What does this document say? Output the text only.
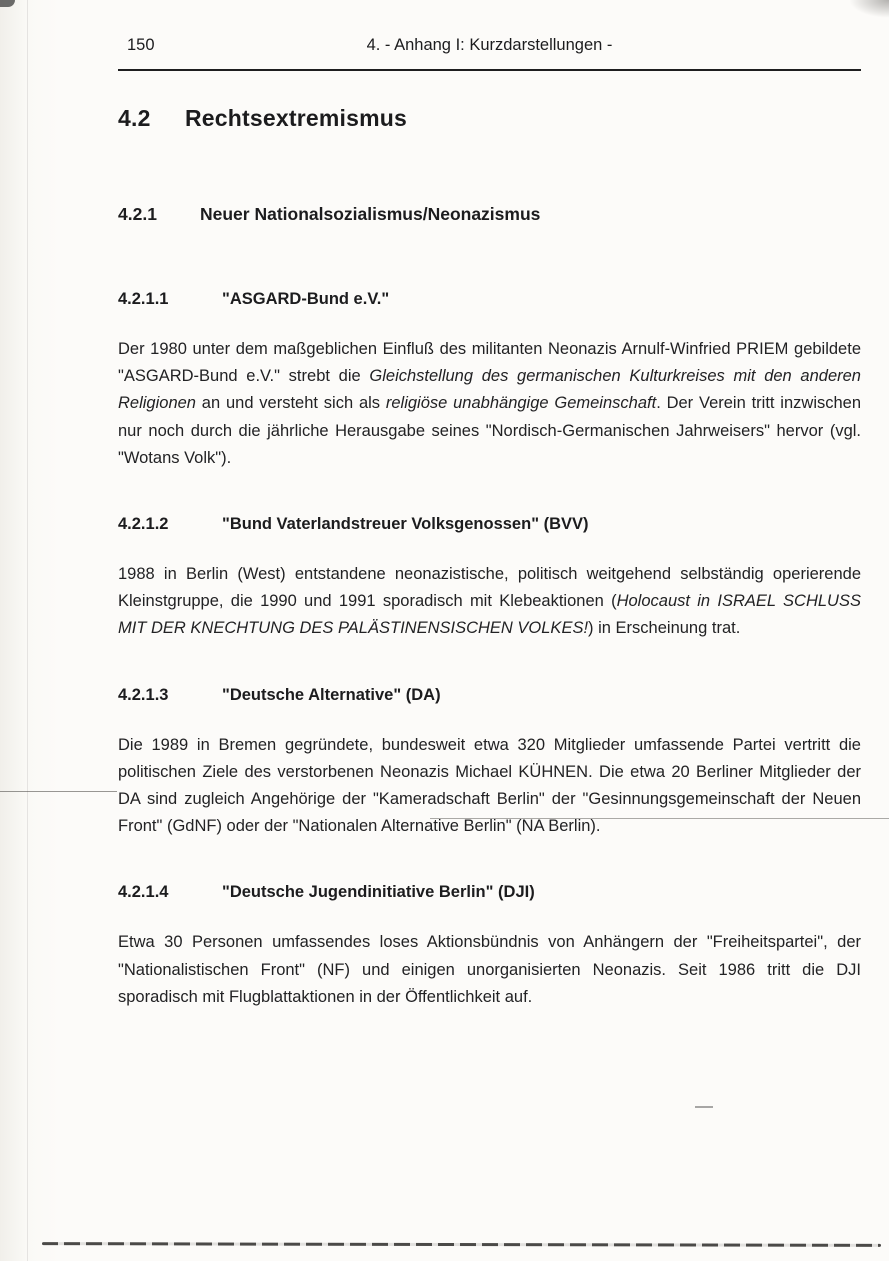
150	4. - Anhang I: Kurzdarstellungen -
4.2 Rechtsextremismus
4.2.1 Neuer Nationalsozialismus/Neonazismus
4.2.1.1	"ASGARD-Bund e.V."

Der 1980 unter dem maßgeblichen Einfluß des militanten Neonazis Arnulf-Winfried PRIEM gebildete "ASGARD-Bund e.V." strebt die Gleichstellung des germanischen Kulturkreises mit den anderen Religionen an und versteht sich als religiöse unabhängige Gemeinschaft. Der Verein tritt inzwischen nur noch durch die jährliche Herausgabe seines "Nordisch-Germanischen Jahrweisers" hervor (vgl. "Wotans Volk").

4.2.1.2	"Bund Vaterlandstreuer Volksgenossen" (BVV)

1988 in Berlin (West) entstandene neonazistische, politisch weitgehend selbständig operierende Kleinstgruppe, die 1990 und 1991 sporadisch mit Klebeaktionen (Holocaust in ISRAEL SCHLUSS MIT DER KNECHTUNG DES PALÄSTINENSISCHEN VOLKES!) in Erscheinung trat.

4.2.1.3	"Deutsche Alternative" (DA)

Die 1989 in Bremen gegründete, bundesweit etwa 320 Mitglieder umfassende Partei vertritt die politischen Ziele des verstorbenen Neonazis Michael KÜHNEN. Die etwa 20 Berliner Mitglieder der DA sind zugleich Angehörige der "Kameradschaft Berlin" der "Gesinnungsgemeinschaft der Neuen Front" (GdNF) oder der "Nationalen Alternative Berlin" (NA Berlin).

4.2.1.4	"Deutsche Jugendinitiative Berlin" (DJI)

Etwa 30 Personen umfassendes loses Aktionsbündnis von Anhängern der "Freiheitspartei", der "Nationalistischen Front" (NF) und einigen unorganisierten Neonazis. Seit 1986 tritt die DJI sporadisch mit Flugblattaktionen in der Öffentlichkeit auf.
